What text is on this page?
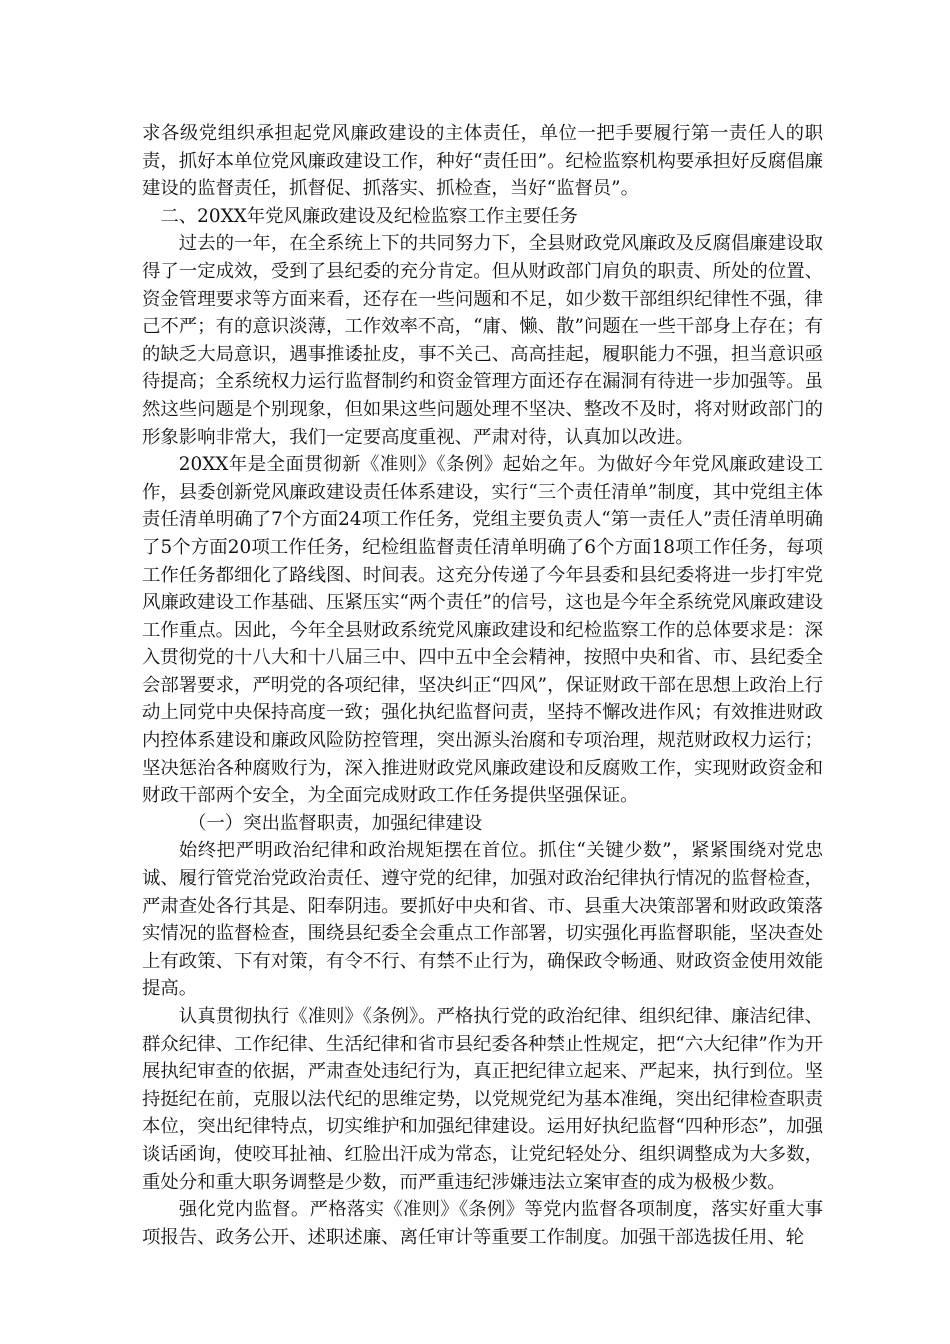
求各级党组织承担起党风廉政建设的主体责任，单位一把手要履行第一责任人的职责，抓好本单位党风廉政建设工作，种好“责任田”。纪检监察机构要承担好反腐倡廉建设的监督责任，抓督促、抓落实、抓检查，当好“监督员”。

二、20XX年党风廉政建设及纪检监察工作主要任务

过去的一年，在全系统上下的共同努力下，全县财政党风廉政及反腐倡廉建设取得了一定成效，受到了县纪委的充分肯定。但从财政部门肩负的职责、所处的位置、资金管理要求等方面来看，还存在一些问题和不足，如少数干部组织纪律性不强，律己不严；有的意识淡薄，工作效率不高，“庸、懒、散”问题在一些干部身上存在；有的缺乏大局意识，遇事推诿扯皮，事不关己、高高挂起，履职能力不强，担当意识亟待提高；全系统权力运行监督制约和资金管理方面还存在漏洞有待进一步加强等。虽然这些问题是个别现象，但如果这些问题处理不坚决、整改不及时，将对财政部门的形象影响非常大，我们一定要高度重视、严肃对待，认真加以改进。

20XX年是全面贯彻新《准则》《条例》起始之年。为做好今年党风廉政建设工作，县委创新党风廉政建设责任体系建设，实行“三个责任清单”制度，其中党组主体责任清单明确了7个方面24项工作任务，党组主要负责人“第一责任人”责任清单明确了5个方面20项工作任务，纪检组监督责任清单明确了6个方面18项工作任务，每项工作任务都细化了路线图、时间表。这充分传递了今年县委和县纪委将进一步打牢党风廉政建设工作基础、压紧压实“两个责任”的信号，这也是今年全系统党风廉政建设工作重点。因此，今年全县财政系统党风廉政建设和纪检监察工作的总体要求是：深入贯彻党的十八大和十八届三中、四中五中全会精神，按照中央和省、市、县纪委全会部署要求，严明党的各项纪律，坚决纠正“四风”，保证财政干部在思想上政治上行动上同党中央保持高度一致；强化执纪监督问责，坚持不懈改进作风；有效推进财政内控体系建设和廉政风险防控管理，突出源头治腐和专项治理，规范财政权力运行；坚决惩治各种腐败行为，深入推进财政党风廉政建设和反腐败工作，实现财政资金和财政干部两个安全，为全面完成财政工作任务提供坚强保证。

（一）突出监督职责，加强纪律建设

始终把严明政治纪律和政治规矩摆在首位。抓住“关键少数”，紧紧围绕对党忠诚、履行管党治党政治责任、遵守党的纪律，加强对政治纪律执行情况的监督检查，严肃查处各行其是、阳奉阴违。要抓好中央和省、市、县重大决策部署和财政政策落实情况的监督检查，围绕县纪委全会重点工作部署，切实强化再监督职能，坚决查处上有政策、下有对策，有令不行、有禁不止行为，确保政令畅通、财政资金使用效能提高。

认真贯彻执行《准则》《条例》。严格执行党的政治纪律、组织纪律、廉洁纪律、群众纪律、工作纪律、生活纪律和省市县纪委各种禁止性规定，把“六大纪律”作为开展执纪审查的依据，严肃查处违纪行为，真正把纪律立起来、严起来，执行到位。坚持挺纪在前，克服以法代纪的思维定势，以党规党纪为基本准绳，突出纪律检查职责本位，突出纪律特点，切实维护和加强纪律建设。运用好执纪监督“四种形态”，加强谈话函询，使咬耳扯袖、红脸出汗成为常态，让党纪轻处分、组织调整成为大多数，重处分和重大职务调整是少数，而严重违纪涉嫌违法立案审查的成为极极少数。

强化党内监督。严格落实《准则》《条例》等党内监督各项制度，落实好重大事项报告、政务公开、述职述廉、离任审计等重要工作制度。加强干部选拔任用、轮
